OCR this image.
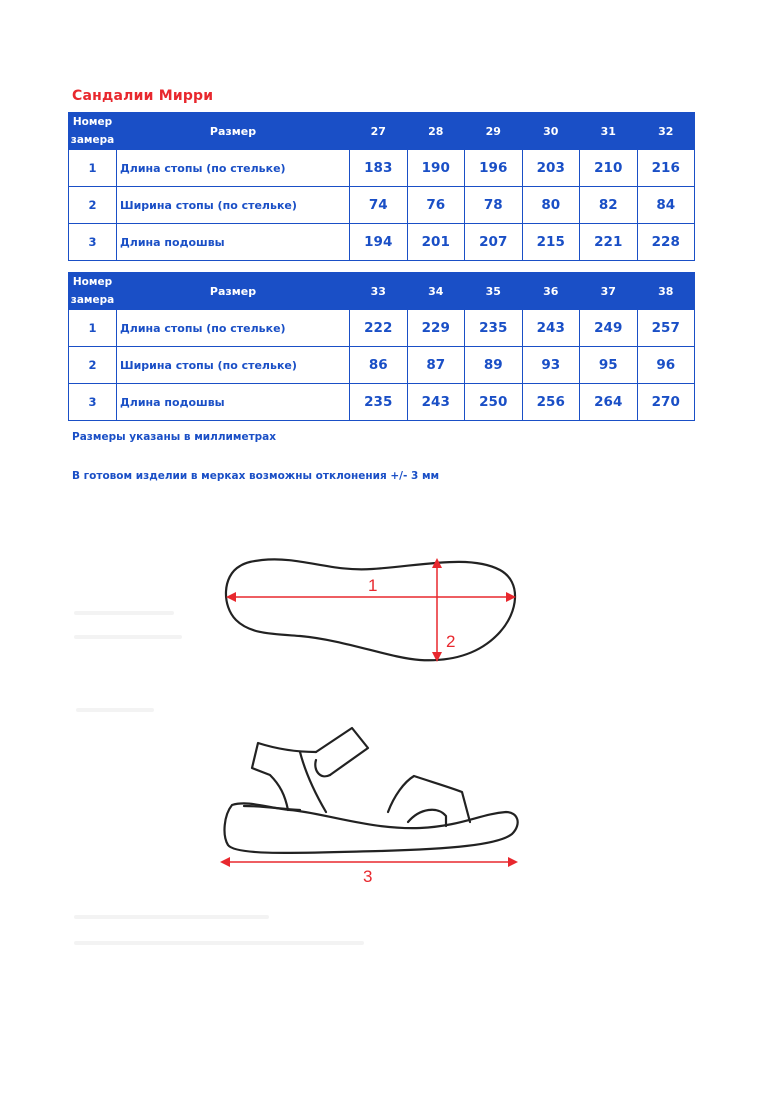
Сандалии Мирри
Номер
замера	Размер	27	28	29	30	31	32
1	Длина стопы (по стельке)	183	190	196	203	210	216
2	Ширина стопы (по стельке)	74	76	78	80	82	84
3	Длина подошвы	194	201	207	215	221	228
Номер
замера	Размер	33	34	35	36	37	38
1	Длина стопы (по стельке)	222	229	235	243	249	257
2	Ширина стопы (по стельке)	86	87	89	93	95	96
3	Длина подошвы	235	243	250	256	264	270
Размеры указаны в миллиметрах
В готовом изделии в мерках возможны отклонения +/- 3 мм
1
2
3
